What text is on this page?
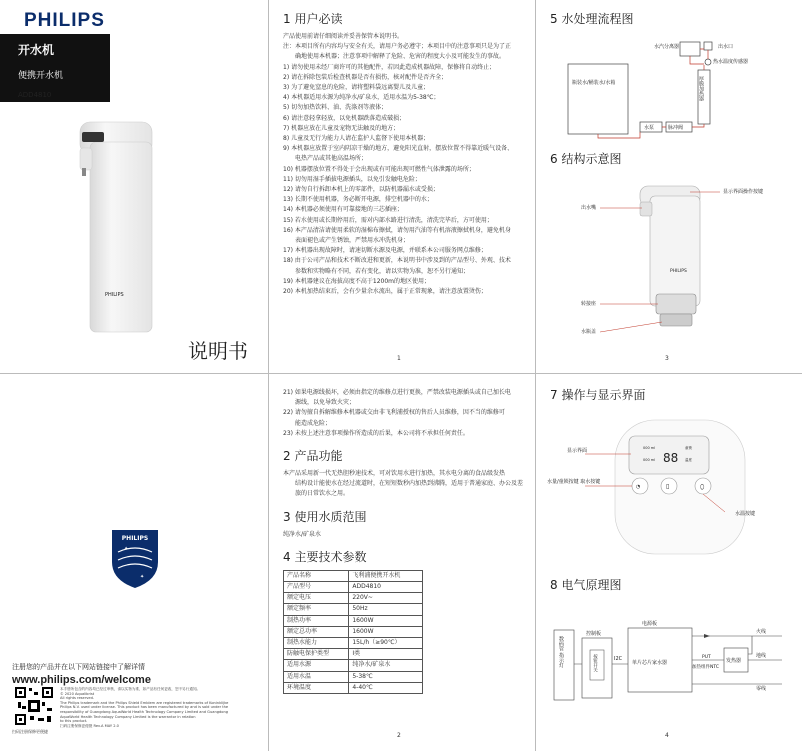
PHILIPS
开水机
便携开水机
ADD4810
PHILIPS
说明书
1 用户必读

产品使用前请仔细阅读并妥善保管本说明书。

注：本项目所有内容均与安全有关，请用户务必遵守；本项目中的注意事项只是为了正

确地使用本机器；注意事项中解释了危险、危害的程度大小及可能发生的事故。

1) 请勿使用未经厂商许可的其他配件，若因此造成机器故障，保修将自动终止；

2) 请在拆除包装后检查机器是否有损伤，核对配件是否齐全；

3) 为了避免窒息的危险，请将塑料袋远离婴儿及儿童；

4) 本机器适用水源为纯净水/矿泉水，适用水温为5-38℃；

5) 切勿加热饮料、油、洗涤剂等液体；

6) 请注意轻拿轻放，以免机器跌落造成破损；

7) 机器应放在儿童及宠物无法触及的地方；

8) 儿童及无行为能力人请在监护人监督下使用本机器；

9) 本机器应放置于室内阴凉干燥的地方，避免阳光直射，摆放位置不得靠近暖气设备、

电热产品或其他高温场所；

10) 机器摆放位置不得处于会出现或有可能出现可燃性气体泄露的场所；

11) 切勿用湿手插拔电源插头，以免引发触电危险；

12) 请勿自行拆卸本机上的零部件，以防机器漏水或受损；

13) 长期不使用机器，务必断开电源，排空机器中的水；

14) 本机器必须使用有可靠接地的三芯插座；

15) 若水使用或长期停用后，需对内部水路进行清洗，清洗完毕后，方可使用；

16) 本产品清洁请使用柔软的湿棉布擦拭，请勿用汽油等有机溶液擦拭机身，避免机身

表面褪色或产生锈蚀，严禁用水冲洗机身；

17) 本机器出现故障时，请速切断水源及电源，并联系本公司服务网点维修；

18) 由于公司产品和技术不断改进和更新，本说明书中涉及到的产品型号、外观、技术

参数和实物略有不同，若有变化，请以实物为准，恕不另行通知；

19) 本机器建议在海拔高度不高于1200m的地区使用；

20) 本机加热结束后，会有少量余水流出，属于正常现象，请注意放置烫伤；

1
5 水处理流程图
瓶装水/桶装水/水箱
水汽分离器	出水口
热水温度传感器
厚膜加热器
水泵	脉冲阀
6 结构示意图
PHILIPS
显示界面操作按键
出水嘴
转接座
水瓶盖
3
PHILIPS
✦
✦
注册您的产品并在以下网站链接中了解详情
www.philips.com/welcome
本手册所包含的内容均已经过审核，请以实物为准，如产品有任何更改，恕不另行通知。
© 2020 Aqualibrist
All rights reserved.
The Philips trademark and the Philips Shield Emblem are registered trademarks of Koninklijke
Philips N.V. used under license. This product has been manufactured by and is sold under the
responsibility of Guangdong AquaWorld Health Technology Company Limited and Guangdong
AquaWorld Health Technology Company Limited is the warrantor in relation
to this product.
扫码注册保修更便捷 Rev.A MAY 2.0
扫码注册保修更便捷

21) 如果电源线损坏，必须由指定的维修点进行更换，严禁改装电源插头或自己加长电

源线，以免导致火灾；

22) 请勿擅自拆解维修本机器或交由非飞利浦授权的售后人员维修，因不当的维修可

能造成危险；

23) 未按上述注意事项操作所造成的后果，本公司将不承担任何责任。

2 产品功能

本产品采用新一代无热胆秒速技术，可对饮用水进行加热，其水电分离的食品级发热

结构设计能使水在经过流道时，在短短数秒内加热到沸腾，适用于普通家庭、办公及差

旅的日常饮水之用。

3 使用水质范围

纯净水/矿泉水

4 主要技术参数
产品名称	飞利浦便携开水机
产品型号	ADD4810
额定电压	220V~
额定频率	50Hz
制热功率	1600W
额定总功率	1600W
制热水能力	15L/h（≥90℃）
防触电保护类型	Ⅰ类
适用水源	纯净水/矿泉水
适用水温	5-38℃
环境温度	4-40℃
2
7 操作与显示界面
000 ml
000 ml 88
童锁
温度
◔	▯	⬯
显示界面
水量/童锁按键 取水按键
水温按键
8 电气原理图
数码管 指示灯
控制板
按钮开关	I2C
电源板
单片芯片家水器	发热器
PUT
加热组件NTC
火线
地线
零线
4
